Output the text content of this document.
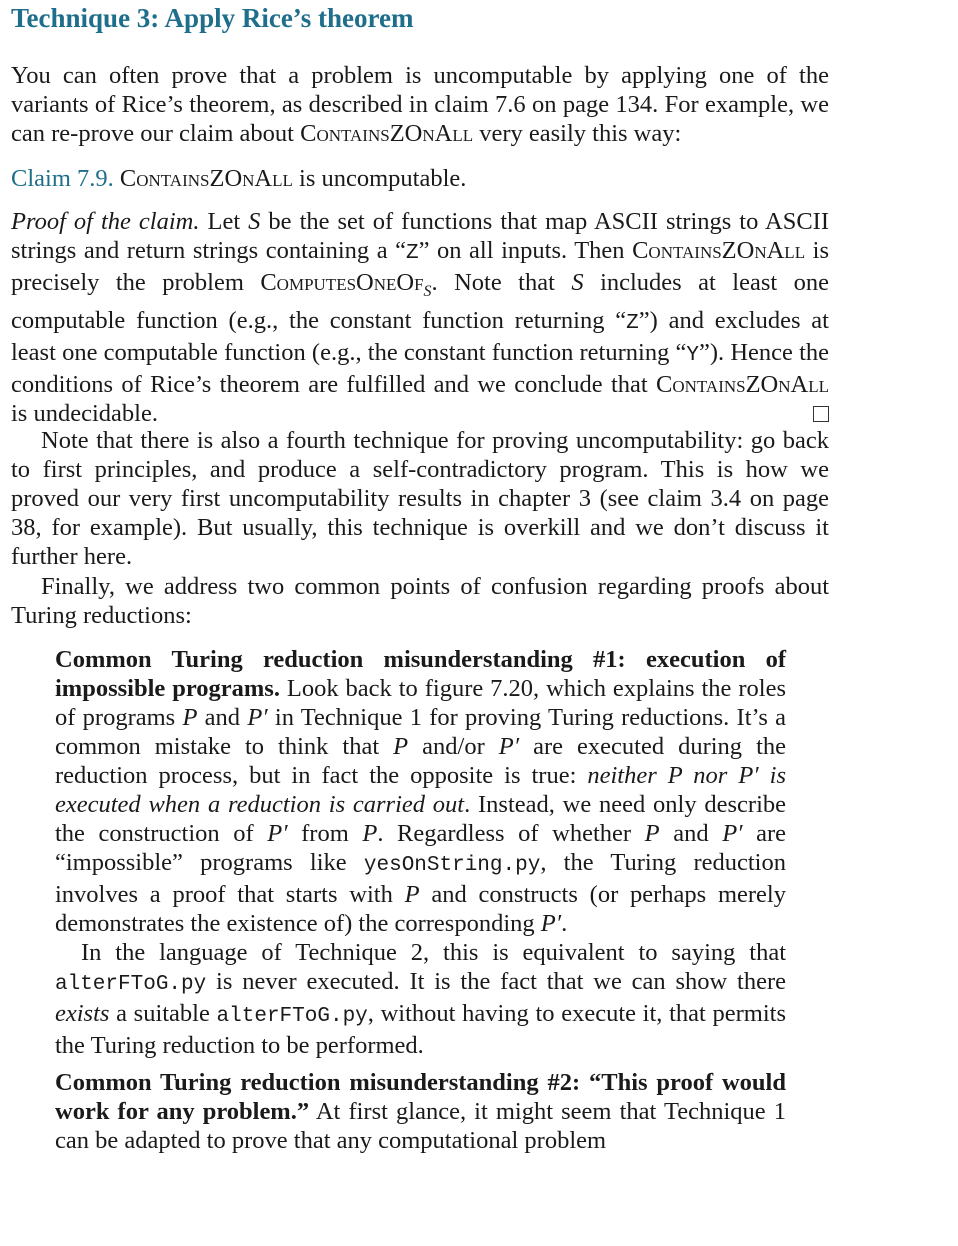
Technique 3: Apply Rice’s theorem

You can often prove that a problem is uncomputable by applying one of the variants of Rice’s theorem, as described in claim 7.6 on page 134. For example, we can re-prove our claim about ContainsZOnAll very easily this way:

Claim 7.9. ContainsZOnAll is uncomputable.

Proof of the claim. Let S be the set of functions that map ASCII strings to ASCII strings and return strings containing a “Z” on all inputs. Then ContainsZOnAll is precisely the problem ComputesOneOf$_S$. Note that S includes at least one computable function (e.g., the constant function returning “Z”) and excludes at least one computable function (e.g., the constant function returning “Y”). Hence the conditions of Rice’s theorem are fulfilled and we conclude that ContainsZOnAll is undecidable.

Note that there is also a fourth technique for proving uncomputability: go back to first principles, and produce a self-contradictory program. This is how we proved our very first uncomputability results in chapter 3 (see claim 3.4 on page 38, for example). But usually, this technique is overkill and we don’t discuss it further here.

Finally, we address two common points of confusion regarding proofs about Turing reductions:

Common Turing reduction misunderstanding #1: execution of impossible programs. Look back to figure 7.20, which explains the roles of programs P and P′ in Technique 1 for proving Turing reductions. It’s a common mistake to think that P and/or P′ are executed during the reduction process, but in fact the opposite is true: neither P nor P′ is executed when a reduction is carried out. Instead, we need only describe the construction of P′ from P. Regardless of whether P and P′ are “impossible” programs like yesOnString.py, the Turing reduction involves a proof that starts with P and constructs (or perhaps merely demonstrates the existence of) the corresponding P′.

In the language of Technique 2, this is equivalent to saying that alterFToG.py is never executed. It is the fact that we can show there exists a suitable alterFToG.py, without having to execute it, that permits the Turing reduction to be performed.

Common Turing reduction misunderstanding #2: “This proof would work for any problem.” At first glance, it might seem that Technique 1 can be adapted to prove that any computational problem
